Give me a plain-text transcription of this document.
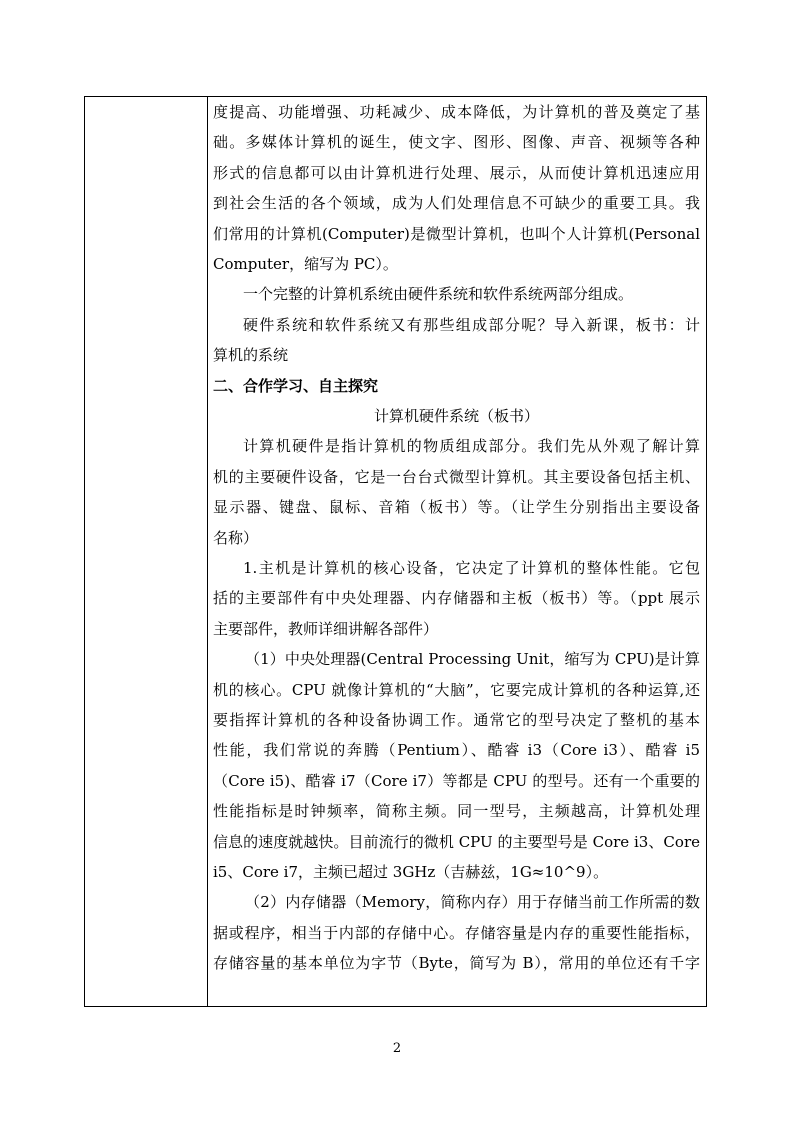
度提高、功能增强、功耗减少、成本降低，为计算机的普及奠定了基
础。多媒体计算机的诞生，使文字、图形、图像、声音、视频等各种
形式的信息都可以由计算机进行处理、展示，从而使计算机迅速应用
到社会生活的各个领域，成为人们处理信息不可缺少的重要工具。我
们常用的计算机(Computer)是微型计算机，也叫个人计算机(Personal
Computer，缩写为 PC）。
一个完整的计算机系统由硬件系统和软件系统两部分组成。
硬件系统和软件系统又有那些组成部分呢？导入新课，板书：计
算机的系统
二、合作学习、自主探究
计算机硬件系统（板书）
计算机硬件是指计算机的物质组成部分。我们先从外观了解计算
机的主要硬件设备，它是一台台式微型计算机。其主要设备包括主机、
显示器、键盘、鼠标、音箱（板书）等。（让学生分别指出主要设备
名称）
1.主机是计算机的核心设备，它决定了计算机的整体性能。它包
括的主要部件有中央处理器、内存储器和主板（板书）等。（ppt 展示
主要部件，教师详细讲解各部件）
（1）中央处理器(Central Processing Unit，缩写为 CPU)是计算
机的核心。CPU 就像计算机的“大脑”，它要完成计算机的各种运算,还
要指挥计算机的各种设备协调工作。通常它的型号决定了整机的基本
性能，我们常说的奔腾（Pentium）、酷睿 i3（Core i3）、酷睿 i5
（Core i5)、酷睿 i7（Core i7）等都是 CPU 的型号。还有一个重要的
性能指标是时钟频率，简称主频。同一型号，主频越高，计算机处理
信息的速度就越快。目前流行的微机 CPU 的主要型号是 Core i3、Core
i5、Core i7，主频已超过 3GHz（吉赫兹，1G≈10^9）。
（2）内存储器（Memory，简称内存）用于存储当前工作所需的数
据或程序，相当于内部的存储中心。存储容量是内存的重要性能指标，
存储容量的基本单位为字节（Byte，简写为 B），常用的单位还有千字
2
